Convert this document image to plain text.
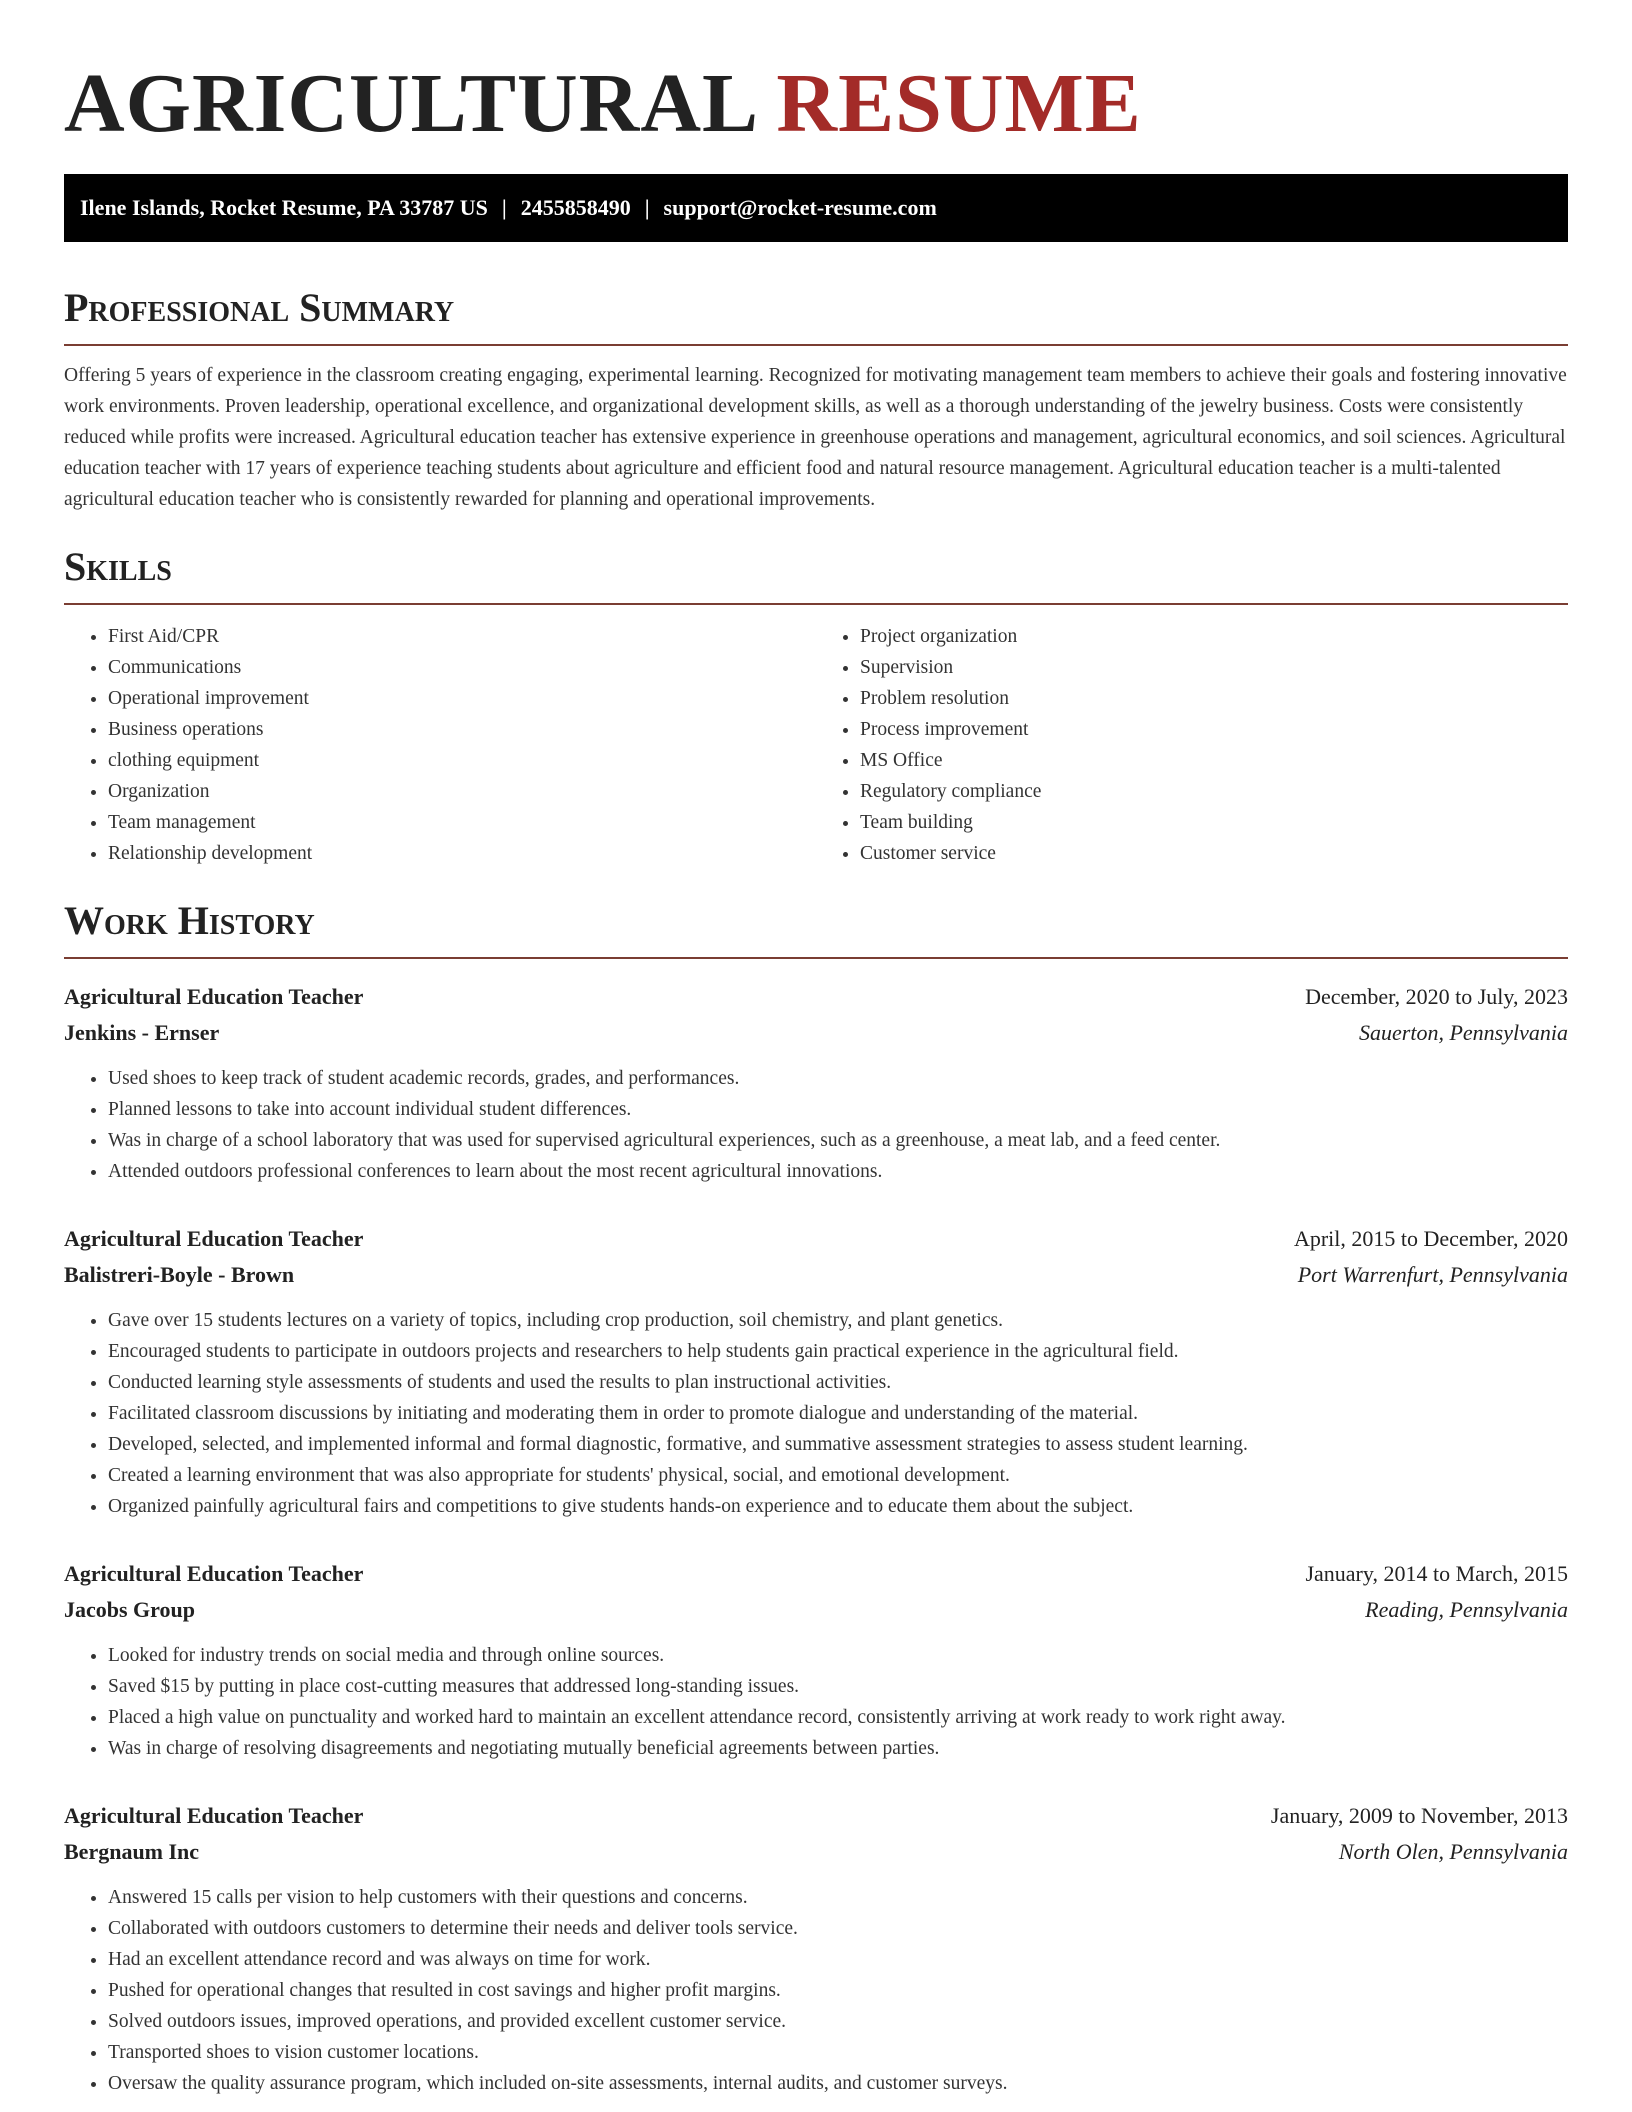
AGRICULTURAL RESUME
Ilene Islands, Rocket Resume, PA 33787 US | 2455858490 | support@rocket-resume.com
Professional Summary

Offering 5 years of experience in the classroom creating engaging, experimental learning. Recognized for motivating management team members to achieve their goals and fostering innovative work environments. Proven leadership, operational excellence, and organizational development skills, as well as a thorough understanding of the jewelry business. Costs were consistently reduced while profits were increased. Agricultural education teacher has extensive experience in greenhouse operations and management, agricultural economics, and soil sciences. Agricultural education teacher with 17 years of experience teaching students about agriculture and efficient food and natural resource management. Agricultural education teacher is a multi-talented agricultural education teacher who is consistently rewarded for planning and operational improvements.

Skills
• First Aid/CPR
• Communications
• Operational improvement
• Business operations
• clothing equipment
• Organization
• Team management
• Relationship development
• Project organization
• Supervision
• Problem resolution
• Process improvement
• MS Office
• Regulatory compliance
• Team building
• Customer service
Work History
Agricultural Education Teacher	December, 2020 to July, 2023
Jenkins - Ernser	Sauerton, Pennsylvania
• Used shoes to keep track of student academic records, grades, and performances.
• Planned lessons to take into account individual student differences.
• Was in charge of a school laboratory that was used for supervised agricultural experiences, such as a greenhouse, a meat lab, and a feed center.
• Attended outdoors professional conferences to learn about the most recent agricultural innovations.
Agricultural Education Teacher	April, 2015 to December, 2020
Balistreri-Boyle - Brown	Port Warrenfurt, Pennsylvania
• Gave over 15 students lectures on a variety of topics, including crop production, soil chemistry, and plant genetics.
• Encouraged students to participate in outdoors projects and researchers to help students gain practical experience in the agricultural field.
• Conducted learning style assessments of students and used the results to plan instructional activities.
• Facilitated classroom discussions by initiating and moderating them in order to promote dialogue and understanding of the material.
• Developed, selected, and implemented informal and formal diagnostic, formative, and summative assessment strategies to assess student learning.
• Created a learning environment that was also appropriate for students' physical, social, and emotional development.
• Organized painfully agricultural fairs and competitions to give students hands-on experience and to educate them about the subject.
Agricultural Education Teacher	January, 2014 to March, 2015
Jacobs Group	Reading, Pennsylvania
• Looked for industry trends on social media and through online sources.
• Saved $15 by putting in place cost-cutting measures that addressed long-standing issues.
• Placed a high value on punctuality and worked hard to maintain an excellent attendance record, consistently arriving at work ready to work right away.
• Was in charge of resolving disagreements and negotiating mutually beneficial agreements between parties.
Agricultural Education Teacher	January, 2009 to November, 2013
Bergnaum Inc	North Olen, Pennsylvania
• Answered 15 calls per vision to help customers with their questions and concerns.
• Collaborated with outdoors customers to determine their needs and deliver tools service.
• Had an excellent attendance record and was always on time for work.
• Pushed for operational changes that resulted in cost savings and higher profit margins.
• Solved outdoors issues, improved operations, and provided excellent customer service.
• Transported shoes to vision customer locations.
• Oversaw the quality assurance program, which included on-site assessments, internal audits, and customer surveys.
